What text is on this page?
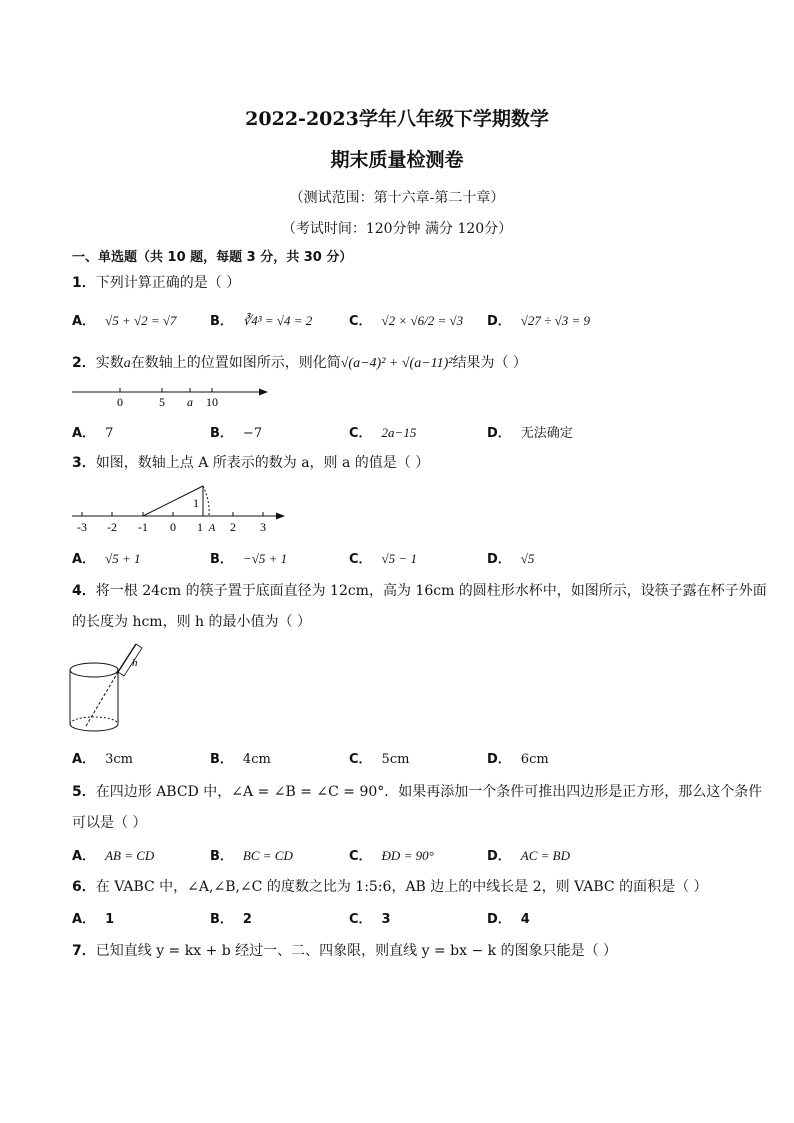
2022-2023学年八年级下学期数学
期末质量检测卷
（测试范围：第十六章-第二十章）
（考试时间：120分钟 满分 120分）
一、单选题（共 10 题，每题 3 分，共 30 分）
1．下列计算正确的是（ ）
A． √5 + √2 = √7	B． ∛4³ = √4 = 2	C． √2 × √6/2 = √3 D． √27 ÷ √3 = 9
2．实数a在数轴上的位置如图所示，则化简√(a−4)² + √(a−11)²结果为（ ）
0	5 a 10
A． 7	B． −7	C． 2a−15	D． 无法确定
3．如图，数轴上点 A 所表示的数为 a，则 a 的值是（ ）
1
-3 -2 -1 0 1 A 2 3
A． √5 + 1	B． −√5 + 1	C． √5 − 1	D． √5
4．将一根 24cm 的筷子置于底面直径为 12cm，高为 16cm 的圆柱形水杯中，如图所示，设筷子露在杯子外面
的长度为 hcm，则 h 的最小值为（ ）
h
A． 3cm	B． 4cm	C． 5cm	D． 6cm
5．在四边形 ABCD 中，∠A = ∠B = ∠C = 90°．如果再添加一个条件可推出四边形是正方形，那么这个条件
可以是（ ）
A． AB = CD	B． BC = CD	C． ÐD = 90°	D． AC = BD
6．在 VABC 中，∠A,∠B,∠C 的度数之比为 1:5:6，AB 边上的中线长是 2，则 VABC 的面积是（ ）
A． 1	B． 2	C． 3	D． 4
7．已知直线 y = kx + b 经过一、二、四象限，则直线 y = bx − k 的图象只能是（ ）
